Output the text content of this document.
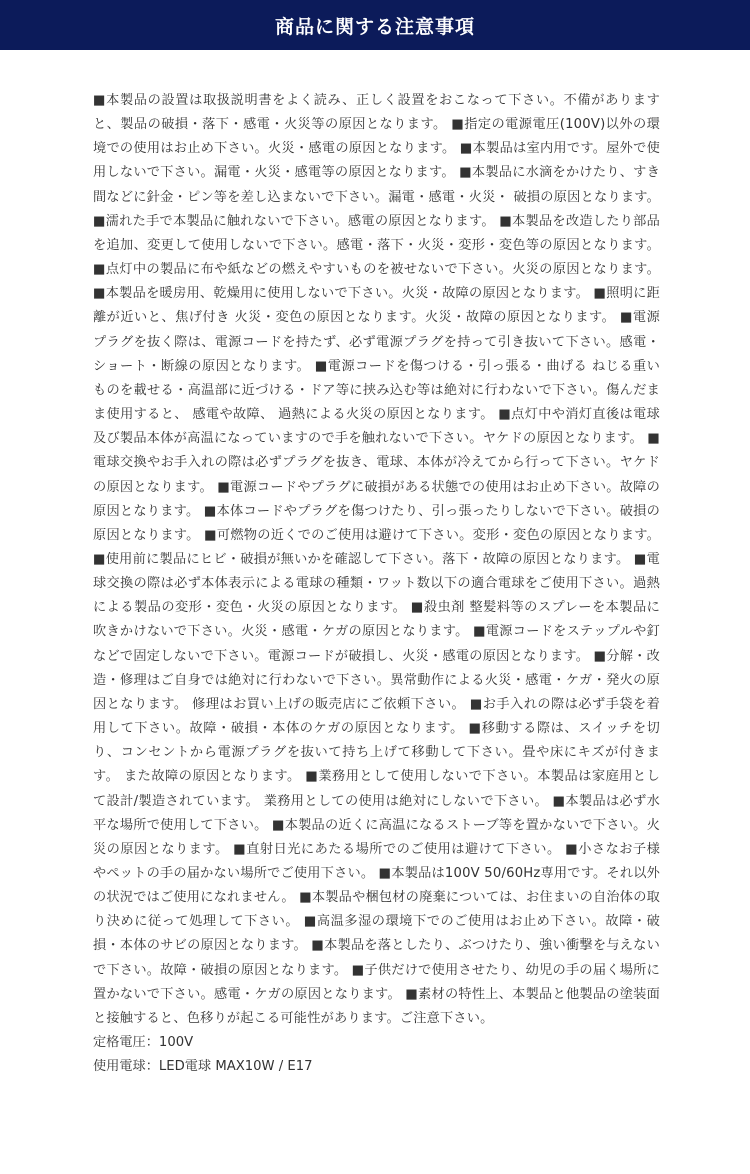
商品に関する注意事項

■本製品の設置は取扱説明書をよく読み、正しく設置をおこなって下さい。不備がありますと、製品の破損・落下・感電・火災等の原因となります。 ■指定の電源電圧(100V)以外の環境での使用はお止め下さい。火災・感電の原因となります。 ■本製品は室内用です。屋外で使用しないで下さい。漏電・火災・感電等の原因となります。 ■本製品に水滴をかけたり、すき間などに針金・ピン等を差し込まないで下さい。漏電・感電・火災・ 破損の原因となります。 ■濡れた手で本製品に触れないで下さい。感電の原因となります。 ■本製品を改造したり部品を追加、変更して使用しないで下さい。感電・落下・火災・変形・変色等の原因となります。 ■点灯中の製品に布や紙などの燃えやすいものを被せないで下さい。火災の原因となります。 ■本製品を暖房用、乾燥用に使用しないで下さい。火災・故障の原因となります。 ■照明に距離が近いと、焦げ付き 火災・変色の原因となります。火災・故障の原因となります。 ■電源プラグを抜く際は、電源コードを持たず、必ず電源プラグを持って引き抜いて下さい。感電・ショート・断線の原因となります。 ■電源コードを傷つける・引っ張る・曲げる ねじる重いものを載せる・高温部に近づける・ドア等に挟み込む等は絶対に行わないで下さい。傷んだまま使用すると、 感電や故障、 過熱による火災の原因となります。 ■点灯中や消灯直後は電球及び製品本体が高温になっていますので手を触れないで下さい。ヤケドの原因となります。 ■電球交換やお手入れの際は必ずプラグを抜き、電球、本体が冷えてから行って下さい。ヤケドの原因となります。 ■電源コードやプラグに破損がある状態での使用はお止め下さい。故障の原因となります。 ■本体コードやプラグを傷つけたり、引っ張ったりしないで下さい。破損の原因となります。 ■可燃物の近くでのご使用は避けて下さい。変形・変色の原因となります。 ■使用前に製品にヒビ・破損が無いかを確認して下さい。落下・故障の原因となります。 ■電球交換の際は必ず本体表示による電球の種類・ワット数以下の適合電球をご使用下さい。過熱による製品の変形・変色・火災の原因となります。 ■殺虫剤 整髪料等のスプレーを本製品に吹きかけないで下さい。火災・感電・ケガの原因となります。 ■電源コードをステップルや釘などで固定しないで下さい。電源コードが破損し、火災・感電の原因となります。 ■分解・改造・修理はご自身では絶対に行わないで下さい。異常動作による火災・感電・ケガ・発火の原因となります。 修理はお買い上げの販売店にご依頼下さい。 ■お手入れの際は必ず手袋を着用して下さい。故障・破損・本体のケガの原因となります。 ■移動する際は、スイッチを切り、コンセントから電源プラグを抜いて持ち上げて移動して下さい。畳や床にキズが付きます。 また故障の原因となります。 ■業務用として使用しないで下さい。本製品は家庭用として設計/製造されています。 業務用としての使用は絶対にしないで下さい。 ■本製品は必ず水平な場所で使用して下さい。 ■本製品の近くに高温になるストーブ等を置かないで下さい。火災の原因となります。 ■直射日光にあたる場所でのご使用は避けて下さい。 ■小さなお子様やペットの手の届かない場所でご使用下さい。 ■本製品は100V 50/60Hz専用です。それ以外の状況ではご使用になれません。 ■本製品や梱包材の廃棄については、お住まいの自治体の取り決めに従って処理して下さい。 ■高温多湿の環境下でのご使用はお止め下さい。故障・破損・本体のサビの原因となります。 ■本製品を落としたり、ぶつけたり、強い衝撃を与えないで下さい。故障・破損の原因となります。 ■子供だけで使用させたり、幼児の手の届く場所に置かないで下さい。感電・ケガの原因となります。 ■素材の特性上、本製品と他製品の塗装面と接触すると、色移りが起こる可能性があります。ご注意下さい。

定格電圧：100V

使用電球：LED電球 MAX10W / E17
